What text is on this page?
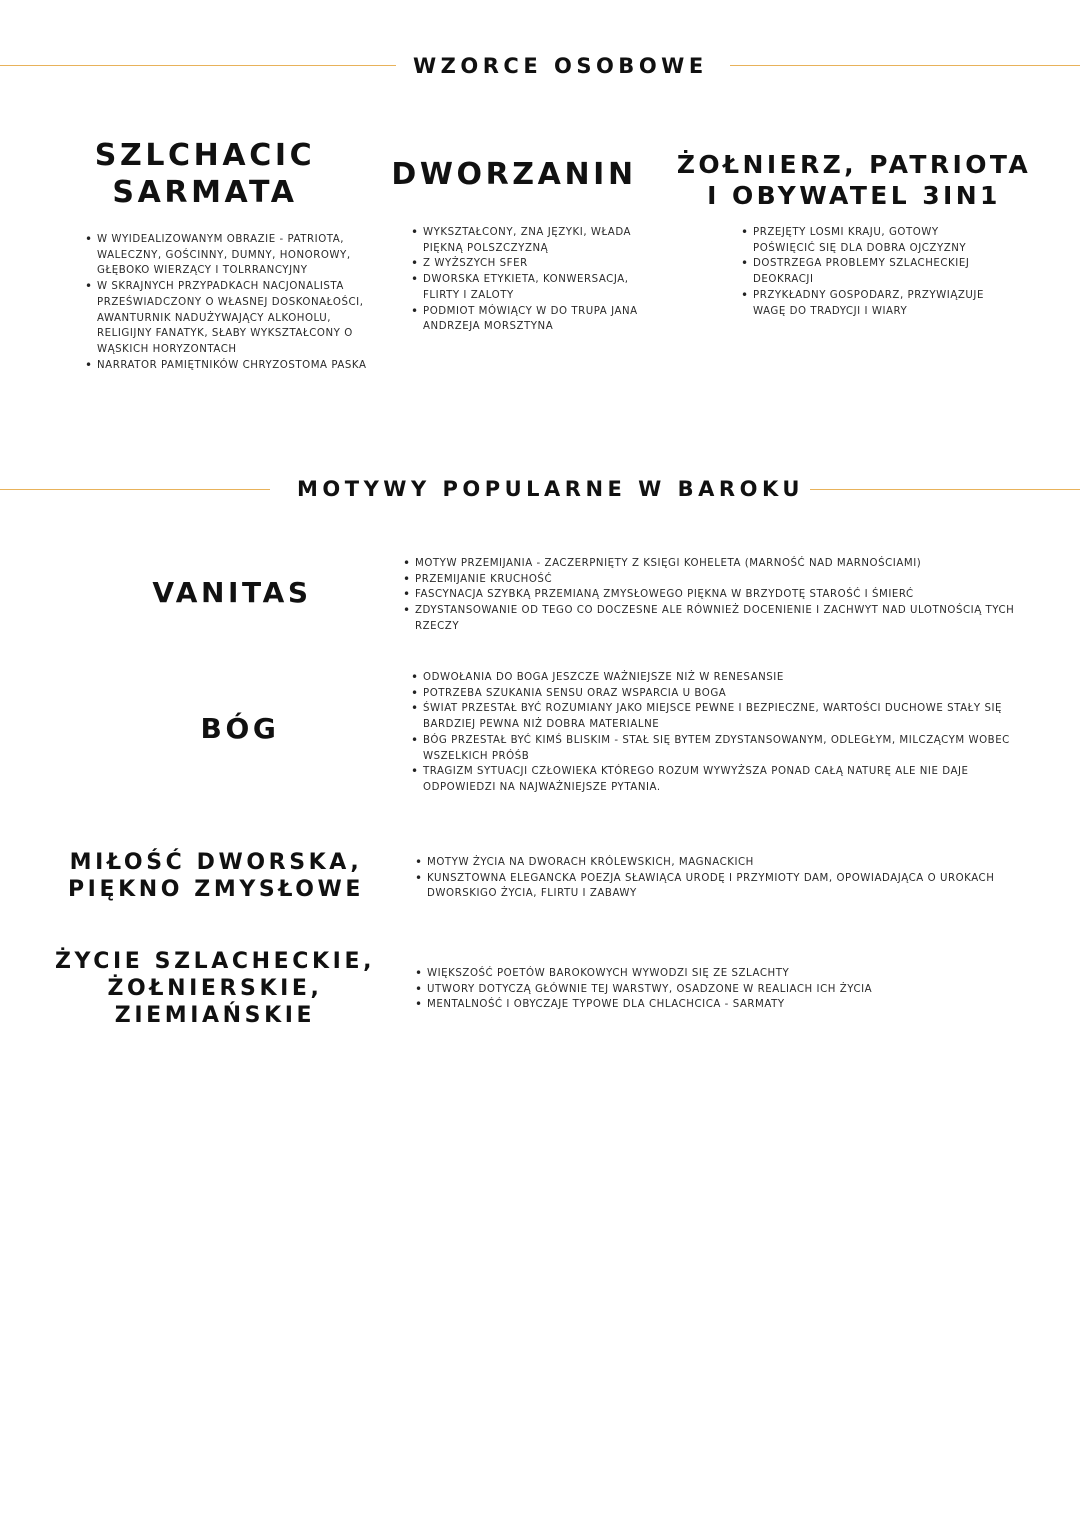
WZORCE OSOBOWE
SZLCHACIC
SARMATA
• W WYIDEALIZOWANYM OBRAZIE - PATRIOTA, WALECZNY, GOŚCINNY, DUMNY, HONOROWY, GŁĘBOKO WIERZĄCY I TOLRRANCYJNY
• W SKRAJNYCH PRZYPADKACH NACJONALISTA PRZEŚWIADCZONY O WŁASNEJ DOSKONAŁOŚCI, AWANTURNIK NADUŻYWAJĄCY ALKOHOLU, RELIGIJNY FANATYK, SŁABY WYKSZTAŁCONY O WĄSKICH HORYZONTACH
• NARRATOR PAMIĘTNIKÓW CHRYZOSTOMA PASKA
DWORZANIN
• WYKSZTAŁCONY, ZNA JĘZYKI, WŁADA PIĘKNĄ POLSZCZYZNĄ
• Z WYŻSZYCH SFER
• DWORSKA ETYKIETA, KONWERSACJA, FLIRTY I ZALOTY
• PODMIOT MÓWIĄCY W DO TRUPA JANA ANDRZEJA MORSZTYNA
ŻOŁNIERZ, PATRIOTA
I OBYWATEL 3IN1
• PRZEJĘTY LOSMI KRAJU, GOTOWY POŚWIĘCIĆ SIĘ DLA DOBRA OJCZYZNY
• DOSTRZEGA PROBLEMY SZLACHECKIEJ DEOKRACJI
• PRZYKŁADNY GOSPODARZ, PRZYWIĄZUJE WAGĘ DO TRADYCJI I WIARY
MOTYWY POPULARNE W BAROKU
VANITAS
• MOTYW PRZEMIJANIA - ZACZERPNIĘTY Z KSIĘGI KOHELETA (MARNOŚĆ NAD MARNOŚCIAMI)
• PRZEMIJANIE KRUCHOŚĆ
• FASCYNACJA SZYBKĄ PRZEMIANĄ ZMYSŁOWEGO PIĘKNA W BRZYDOTĘ STAROŚĆ I ŚMIERĆ
• ZDYSTANSOWANIE OD TEGO CO DOCZESNE ALE RÓWNIEŻ DOCENIENIE I ZACHWYT NAD ULOTNOŚCIĄ TYCH RZECZY
BÓG
• ODWOŁANIA DO BOGA JESZCZE WAŻNIEJSZE NIŻ W RENESANSIE
• POTRZEBA SZUKANIA SENSU ORAZ WSPARCIA U BOGA
• ŚWIAT PRZESTAŁ BYĆ ROZUMIANY JAKO MIEJSCE PEWNE I BEZPIECZNE, WARTOŚCI DUCHOWE STAŁY SIĘ BARDZIEJ PEWNA NIŻ DOBRA MATERIALNE
• BÓG PRZESTAŁ BYĆ KIMŚ BLISKIM - STAŁ SIĘ BYTEM ZDYSTANSOWANYM, ODLEGŁYM, MILCZĄCYM WOBEC WSZELKICH PRÓŚB
• TRAGIZM SYTUACJI CZŁOWIEKA KTÓREGO ROZUM WYWYŻSZA PONAD CAŁĄ NATURĘ ALE NIE DAJE ODPOWIEDZI NA NAJWAŻNIEJSZE PYTANIA.
MIŁOŚĆ DWORSKA,
PIĘKNO ZMYSŁOWE
• MOTYW ŻYCIA NA DWORACH KRÓLEWSKICH, MAGNACKICH
• KUNSZTOWNA ELEGANCKA POEZJA SŁAWIĄCA URODĘ I PRZYMIOTY DAM, OPOWIADAJĄCA O UROKACH DWORSKIGO ŻYCIA, FLIRTU I ZABAWY
ŻYCIE SZLACHECKIE,
ŻOŁNIERSKIE,
ZIEMIAŃSKIE
• WIĘKSZOŚĆ POETÓW BAROKOWYCH WYWODZI SIĘ ZE SZLACHTY
• UTWORY DOTYCZĄ GŁÓWNIE TEJ WARSTWY, OSADZONE W REALIACH ICH ŻYCIA
• MENTALNOŚĆ I OBYCZAJE TYPOWE DLA CHLACHCICA - SARMATY
